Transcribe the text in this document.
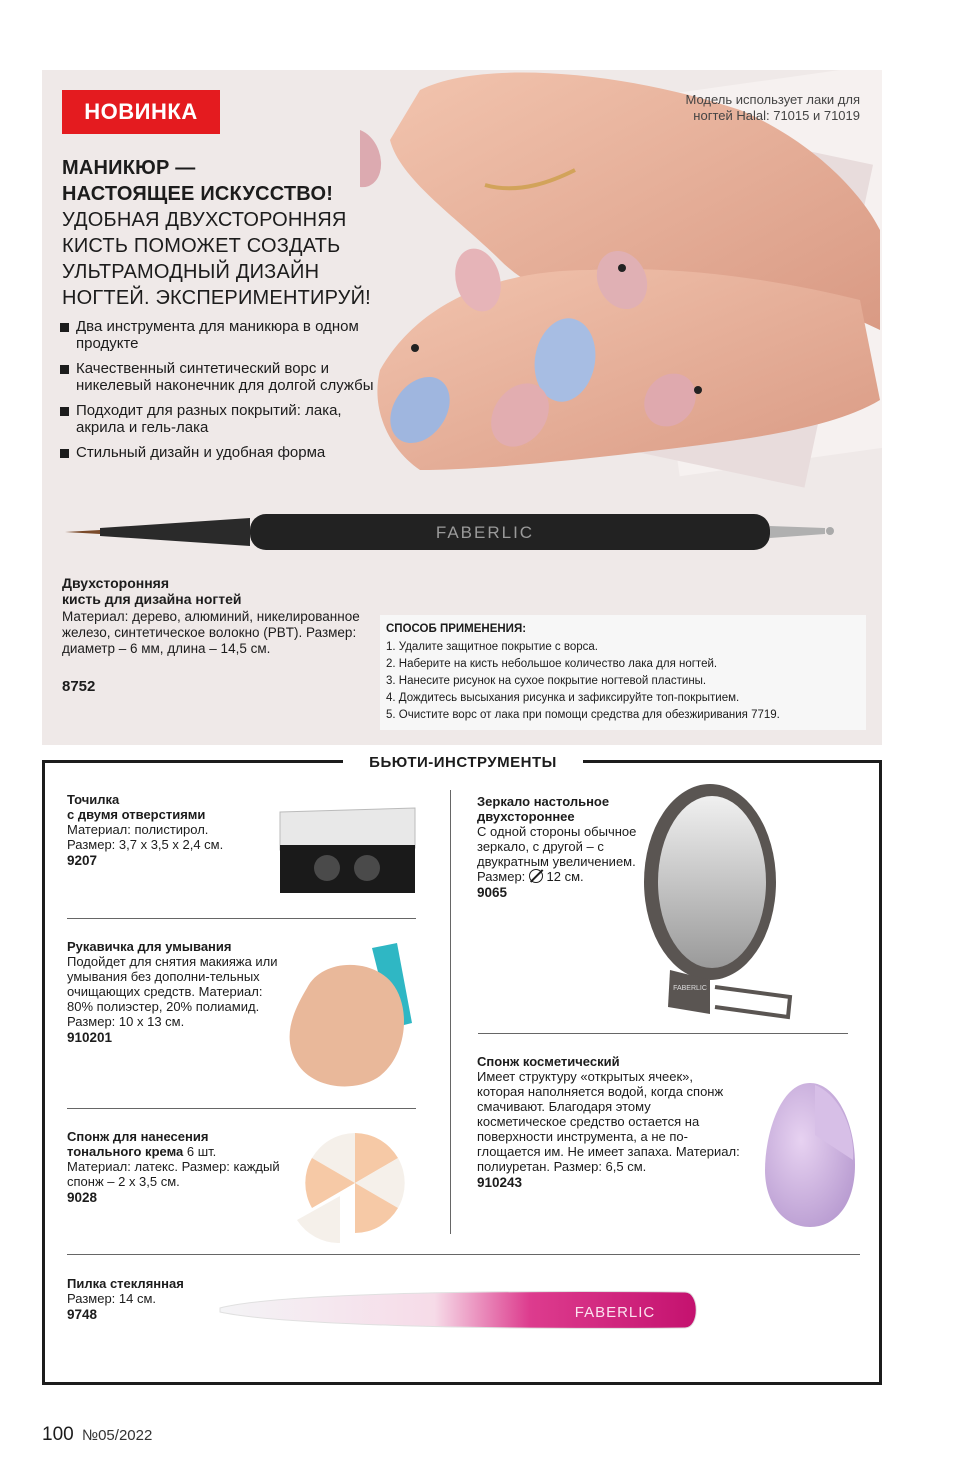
НОВИНКА	Модель использует лаки для ногтей Halal: 71015 и 71019
МАНИКЮР —
НАСТОЯЩЕЕ ИСКУССТВО!
УДОБНАЯ ДВУХСТОРОННЯЯ
КИСТЬ ПОМОЖЕТ СОЗДАТЬ
УЛЬТРАМОДНЫЙ ДИЗАЙН
НОГТЕЙ. ЭКСПЕРИМЕНТИРУЙ!
Два инструмента для маникюра в одном продукте
Качественный синтетический ворс и никелевый наконечник для долгой службы
Подходит для разных покрытий: лака, акрила и гель-лака
Стильный дизайн и удобная форма
FABERLIC
Двухсторонняя
кисть для дизайна ногтей
Материал: дерево, алюминий, никелированное железо, синтетическое волокно (PBT). Размер: диаметр – 6 мм, длина – 14,5 см.
8752
СПОСОБ ПРИМЕНЕНИЯ:
1. Удалите защитное покрытие с ворса.
2. Наберите на кисть небольшое количество лака для ногтей.
3. Нанесите рисунок на сухое покрытие ногтевой пластины.
4. Дождитесь высыхания рисунка и зафиксируйте топ-покрытием.
5. Очистите ворс от лака при помощи средства для обезжиривания 7719.
БЬЮТИ-ИНСТРУМЕНТЫ
Точилка
с двумя отверстиями
Материал: полистирол.
Размер: 3,7 х 3,5 х 2,4 см.
9207
Рукавичка для умывания
Подойдет для снятия макияжа или умывания без дополни-тельных очищающих средств. Материал: 80% полиэстер, 20% полиамид. Размер: 10 х 13 см.
910201
Спонж для нанесения
тонального крема 6 шт.
Материал: латекс. Размер: каждый спонж – 2 х 3,5 см.
9028
Зеркало настольное
двухстороннее
С одной стороны обычное зеркало, с другой – с двукратным увеличением.
Размер:
12 см.
9065
FABERLIC
Спонж косметический
Имеет структуру «открытых ячеек», которая наполняется водой, когда спонж смачивают. Благодаря этому косметическое средство остается на поверхности инструмента, а не по-глощается им. Не имеет запаха. Материал: полиуретан. Размер: 6,5 см.
910243
Пилка стеклянная
Размер: 14 см.
9748	FABERLIC
100 №05/2022
